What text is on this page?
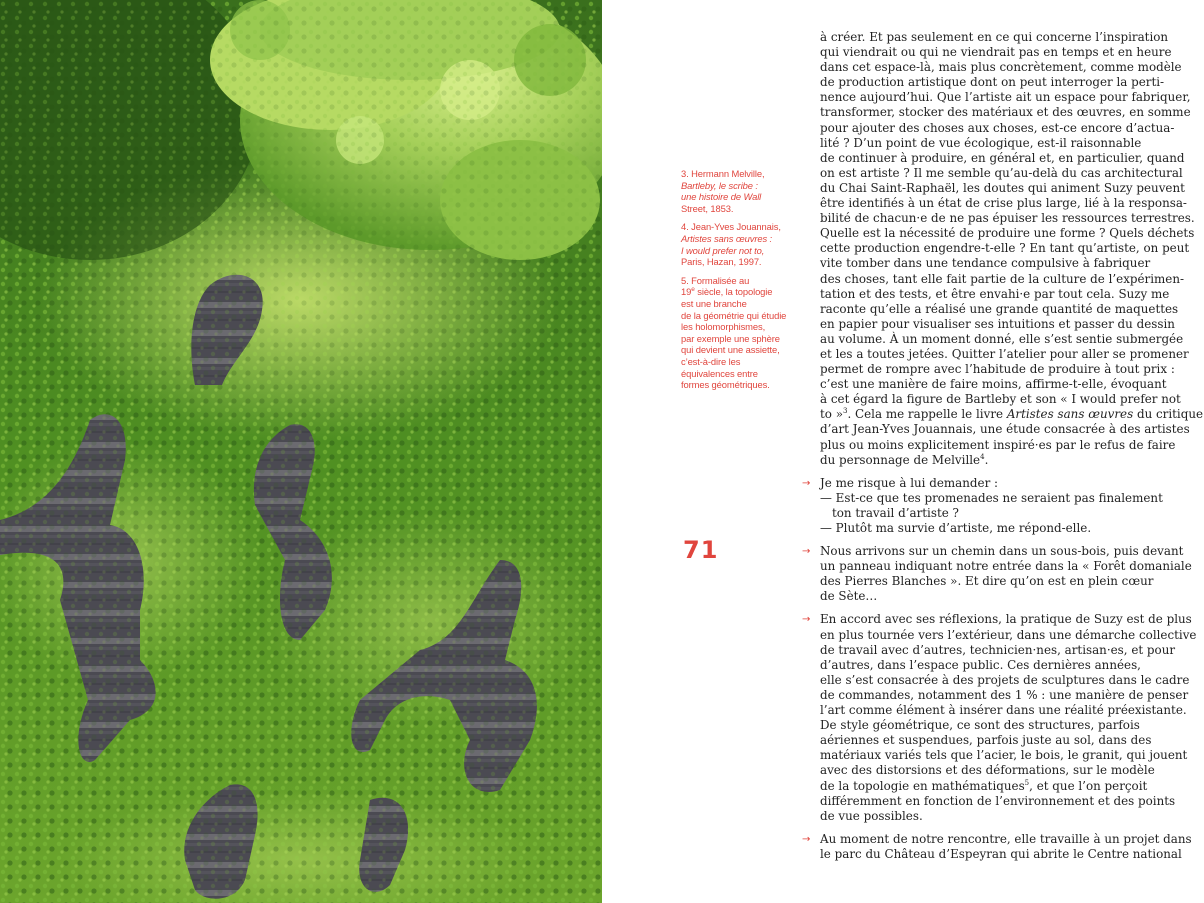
3. Hermann Melville,
Bartleby, le scribe :
une histoire de Wall
Street, 1853.
4. Jean-Yves Jouannais,
Artistes sans œuvres :
I would prefer not to,
Paris, Hazan, 1997.
5. Formalisée au
19e siècle, la topologie
est une branche
de la géométrie qui étudie
les holomorphismes,
par exemple une sphère
qui devient une assiette,
c’est-à-dire les
équivalences entre
formes géométriques.
71
à créer. Et pas seulement en ce qui concerne l’inspiration
qui viendrait ou qui ne viendrait pas en temps et en heure
dans cet espace-là, mais plus concrètement, comme modèle
de production artistique dont on peut interroger la perti-
nence aujourd’hui. Que l’artiste ait un espace pour fabriquer,
transformer, stocker des matériaux et des œuvres, en somme
pour ajouter des choses aux choses, est-ce encore d’actua-
lité ? D’un point de vue écologique, est-il raisonnable
de continuer à produire, en général et, en particulier, quand
on est artiste ? Il me semble qu’au-delà du cas architectural
du Chai Saint-Raphaël, les doutes qui animent Suzy peuvent
être identifiés à un état de crise plus large, lié à la responsa-
bilité de chacun·e de ne pas épuiser les ressources terrestres.
Quelle est la nécessité de produire une forme ? Quels déchets
cette production engendre-t-elle ? En tant qu’artiste, on peut
vite tomber dans une tendance compulsive à fabriquer
des choses, tant elle fait partie de la culture de l’expérimen-
tation et des tests, et être envahi·e par tout cela. Suzy me
raconte qu’elle a réalisé une grande quantité de maquettes
en papier pour visualiser ses intuitions et passer du dessin
au volume. À un moment donné, elle s’est sentie submergée
et les a toutes jetées. Quitter l’atelier pour aller se promener
permet de rompre avec l’habitude de produire à tout prix :
c’est une manière de faire moins, affirme-t-elle, évoquant
à cet égard la figure de Bartleby et son « I would prefer not
to »$^3$. Cela me rappelle le livre Artistes sans œuvres du critique
d’art Jean-Yves Jouannais, une étude consacrée à des artistes
plus ou moins explicitement inspiré·es par le refus de faire
du personnage de Melville$^4$.
→ Je me risque à lui demander :
— Est-ce que tes promenades ne seraient pas finalement
ton travail d’artiste ?
— Plutôt ma survie d’artiste, me répond-elle.
→ Nous arrivons sur un chemin dans un sous-bois, puis devant
un panneau indiquant notre entrée dans la « Forêt domaniale
des Pierres Blanches ». Et dire qu’on est en plein cœur
de Sète…
→ En accord avec ses réflexions, la pratique de Suzy est de plus
en plus tournée vers l’extérieur, dans une démarche collective
de travail avec d’autres, technicien·nes, artisan·es, et pour
d’autres, dans l’espace public. Ces dernières années,
elle s’est consacrée à des projets de sculptures dans le cadre
de commandes, notamment des 1 % : une manière de penser
l’art comme élément à insérer dans une réalité préexistante.
De style géométrique, ce sont des structures, parfois
aériennes et suspendues, parfois juste au sol, dans des
matériaux variés tels que l’acier, le bois, le granit, qui jouent
avec des distorsions et des déformations, sur le modèle
de la topologie en mathématiques$^5$, et que l’on perçoit
différemment en fonction de l’environnement et des points
de vue possibles.
→ Au moment de notre rencontre, elle travaille à un projet dans
le parc du Château d’Espeyran qui abrite le Centre national
